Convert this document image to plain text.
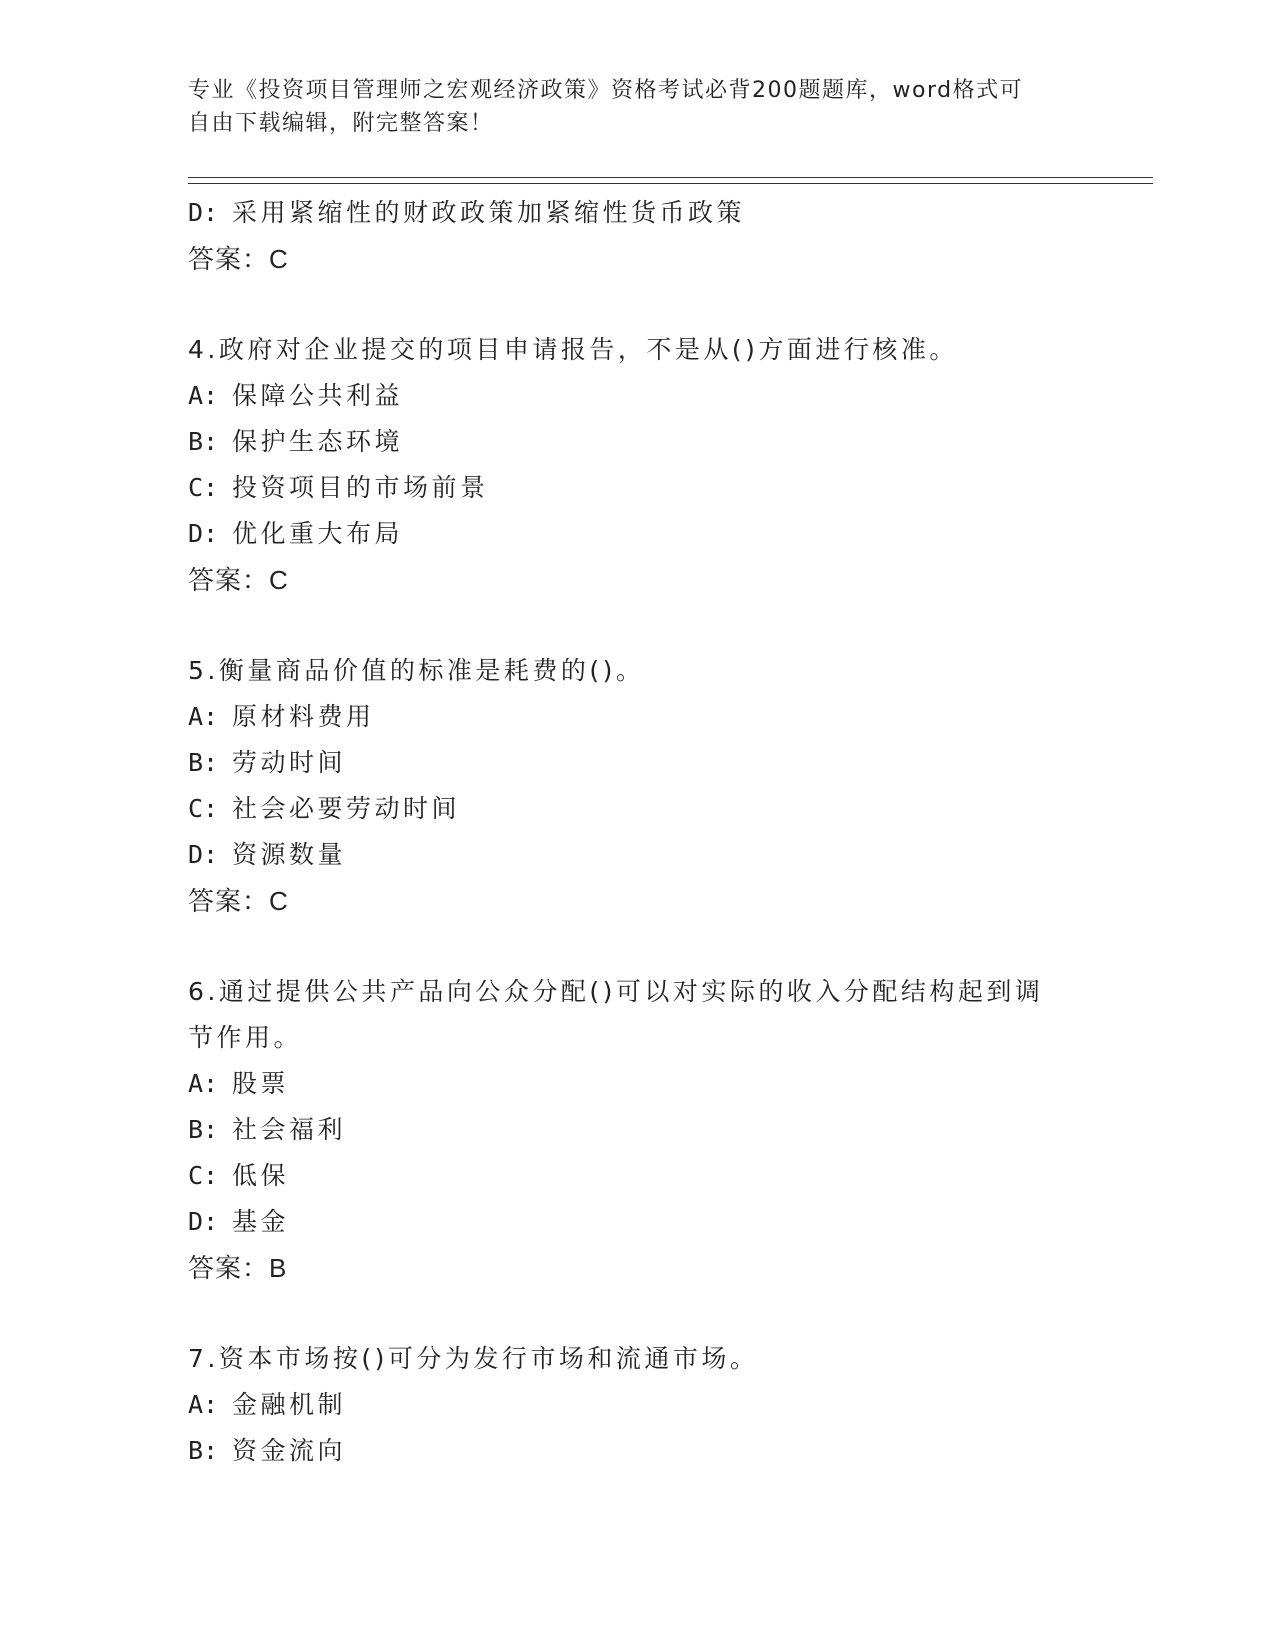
专业《投资项目管理师之宏观经济政策》资格考试必背200题题库，word格式可
自由下载编辑，附完整答案！
D: 采用紧缩性的财政政策加紧缩性货币政策
答案：C
4.政府对企业提交的项目申请报告，不是从()方面进行核准。
A: 保障公共利益
B: 保护生态环境
C: 投资项目的市场前景
D: 优化重大布局
答案：C
5.衡量商品价值的标准是耗费的()。
A: 原材料费用
B: 劳动时间
C: 社会必要劳动时间
D: 资源数量
答案：C
6.通过提供公共产品向公众分配()可以对实际的收入分配结构起到调
节作用。
A: 股票
B: 社会福利
C: 低保
D: 基金
答案：B
7.资本市场按()可分为发行市场和流通市场。
A: 金融机制
B: 资金流向
